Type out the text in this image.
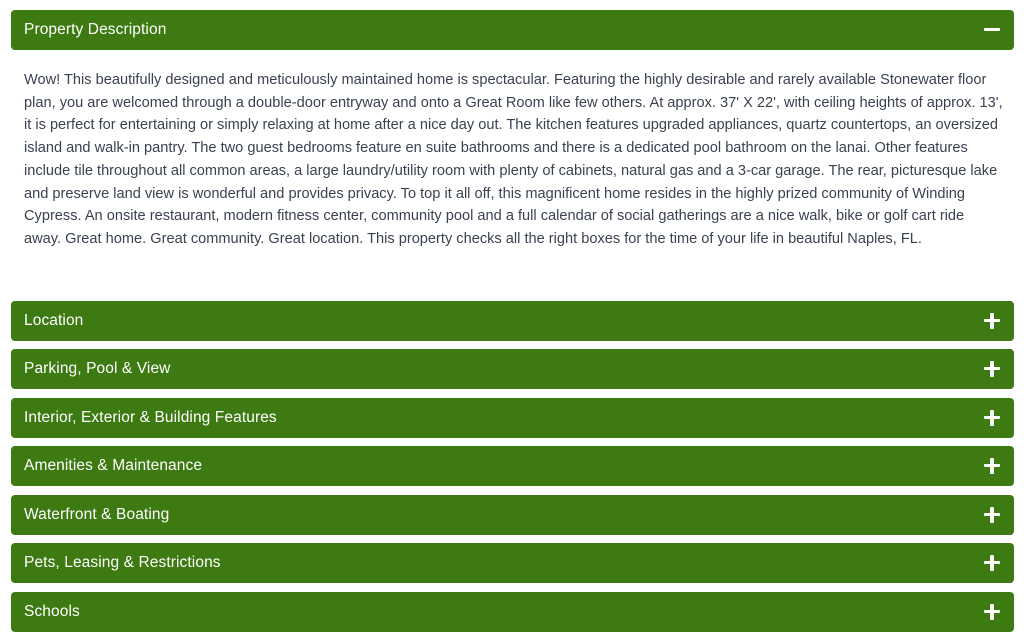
Property Description

Wow! This beautifully designed and meticulously maintained home is spectacular. Featuring the highly desirable and rarely available Stonewater floor plan, you are welcomed through a double-door entryway and onto a Great Room like few others. At approx. 37' X 22', with ceiling heights of approx. 13', it is perfect for entertaining or simply relaxing at home after a nice day out. The kitchen features upgraded appliances, quartz countertops, an oversized island and walk-in pantry. The two guest bedrooms feature en suite bathrooms and there is a dedicated pool bathroom on the lanai. Other features include tile throughout all common areas, a large laundry/utility room with plenty of cabinets, natural gas and a 3-car garage. The rear, picturesque lake and preserve land view is wonderful and provides privacy. To top it all off, this magnificent home resides in the highly prized community of Winding Cypress. An onsite restaurant, modern fitness center, community pool and a full calendar of social gatherings are a nice walk, bike or golf cart ride away. Great home. Great community. Great location. This property checks all the right boxes for the time of your life in beautiful Naples, FL.

Location
Parking, Pool & View
Interior, Exterior & Building Features
Amenities & Maintenance
Waterfront & Boating
Pets, Leasing & Restrictions
Schools
